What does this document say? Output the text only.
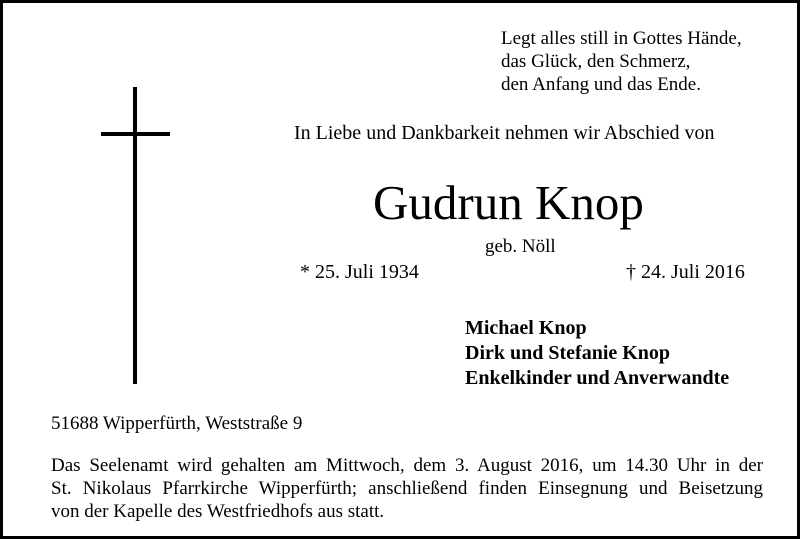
Legt alles still in Gottes Hände,
das Glück, den Schmerz,
den Anfang und das Ende.
In Liebe und Dankbarkeit nehmen wir Abschied von
Gudrun Knop
geb. Nöll
* 25. Juli 1934	† 24. Juli 2016
Michael Knop
Dirk und Stefanie Knop
Enkelkinder und Anverwandte
51688 Wipperfürth, Weststraße 9
Das Seelenamt wird gehalten am Mittwoch, dem 3. August 2016, um 14.30 Uhr in der
St. Nikolaus Pfarrkirche Wipperfürth; anschließend finden Einsegnung und Beisetzung
von der Kapelle des Westfriedhofs aus statt.
